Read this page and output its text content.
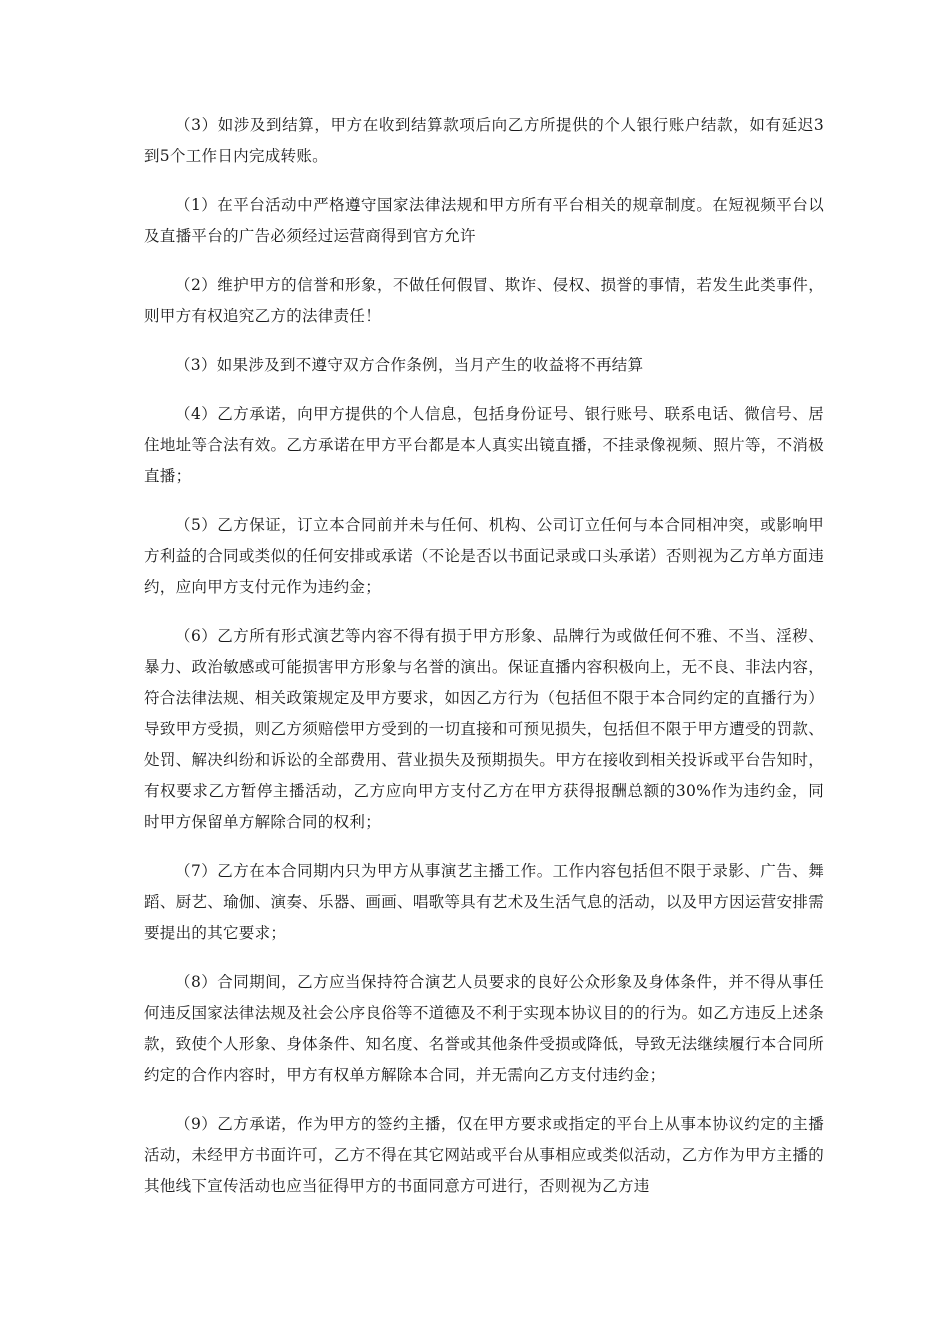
（3）如涉及到结算，甲方在收到结算款项后向乙方所提供的个人银行账户结款，如有延迟3到5个工作日内完成转账。

（1）在平台活动中严格遵守国家法律法规和甲方所有平台相关的规章制度。在短视频平台以及直播平台的广告必须经过运营商得到官方允许

（2）维护甲方的信誉和形象，不做任何假冒、欺诈、侵权、损誉的事情，若发生此类事件，则甲方有权追究乙方的法律责任！

（3）如果涉及到不遵守双方合作条例，当月产生的收益将不再结算

（4）乙方承诺，向甲方提供的个人信息，包括身份证号、银行账号、联系电话、微信号、居住地址等合法有效。乙方承诺在甲方平台都是本人真实出镜直播，不挂录像视频、照片等，不消极直播；

（5）乙方保证，订立本合同前并未与任何、机构、公司订立任何与本合同相冲突，或影响甲方利益的合同或类似的任何安排或承诺（不论是否以书面记录或口头承诺）否则视为乙方单方面违约，应向甲方支付元作为违约金；

（6）乙方所有形式演艺等内容不得有损于甲方形象、品牌行为或做任何不雅、不当、淫秽、暴力、政治敏感或可能损害甲方形象与名誉的演出。保证直播内容积极向上，无不良、非法内容，符合法律法规、相关政策规定及甲方要求，如因乙方行为（包括但不限于本合同约定的直播行为）导致甲方受损，则乙方须赔偿甲方受到的一切直接和可预见损失，包括但不限于甲方遭受的罚款、处罚、解决纠纷和诉讼的全部费用、营业损失及预期损失。甲方在接收到相关投诉或平台告知时，有权要求乙方暂停主播活动，乙方应向甲方支付乙方在甲方获得报酬总额的30%作为违约金，同时甲方保留单方解除合同的权利；

（7）乙方在本合同期内只为甲方从事演艺主播工作。工作内容包括但不限于录影、广告、舞蹈、厨艺、瑜伽、演奏、乐器、画画、唱歌等具有艺术及生活气息的活动，以及甲方因运营安排需要提出的其它要求；

（8）合同期间，乙方应当保持符合演艺人员要求的良好公众形象及身体条件，并不得从事任何违反国家法律法规及社会公序良俗等不道德及不利于实现本协议目的的行为。如乙方违反上述条款，致使个人形象、身体条件、知名度、名誉或其他条件受损或降低，导致无法继续履行本合同所约定的合作内容时，甲方有权单方解除本合同，并无需向乙方支付违约金；

（9）乙方承诺，作为甲方的签约主播，仅在甲方要求或指定的平台上从事本协议约定的主播活动，未经甲方书面许可，乙方不得在其它网站或平台从事相应或类似活动，乙方作为甲方主播的其他线下宣传活动也应当征得甲方的书面同意方可进行，否则视为乙方违
